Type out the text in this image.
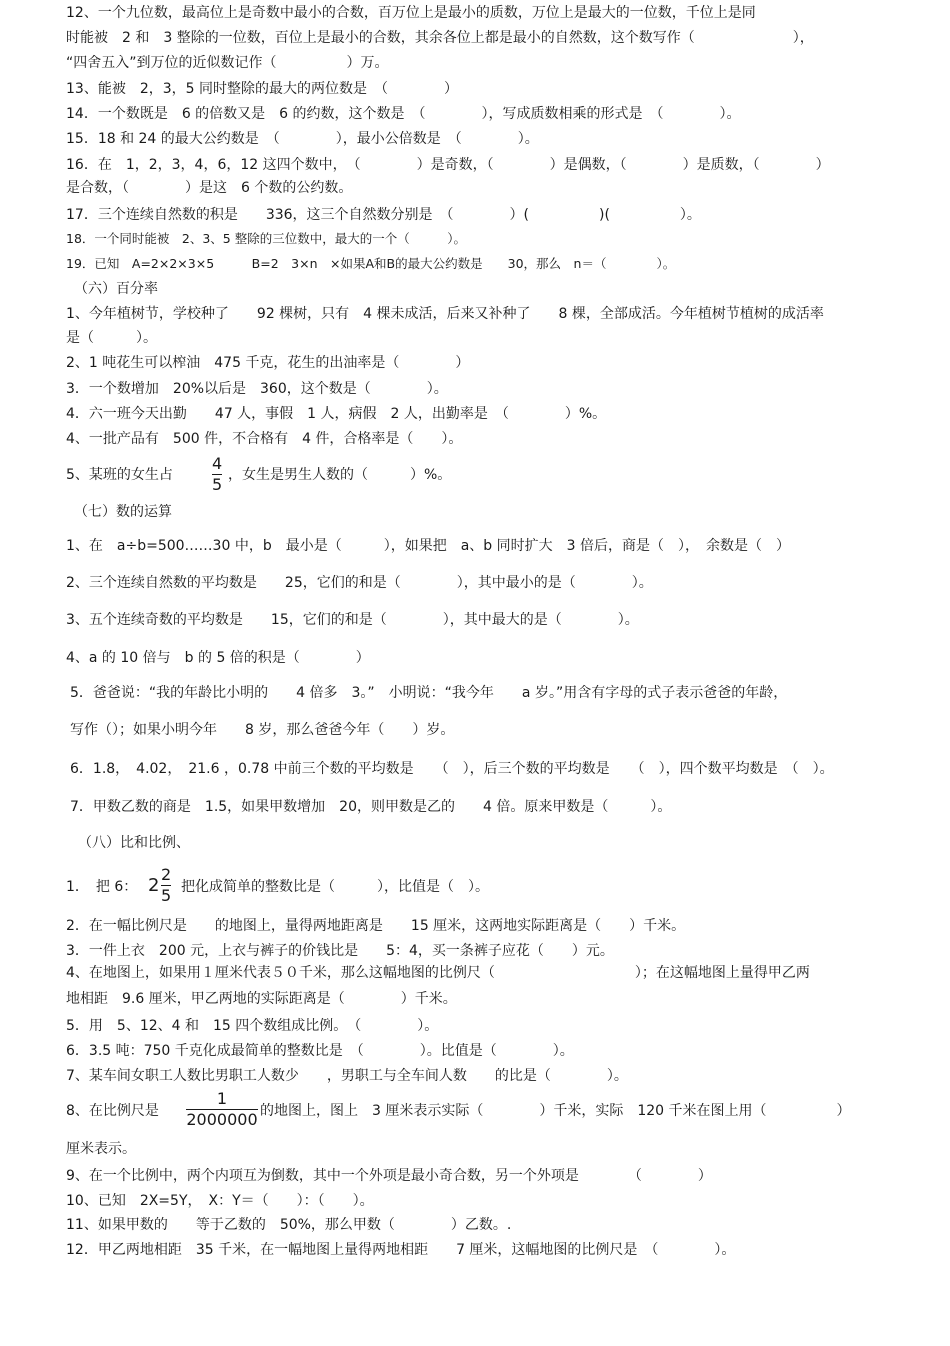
12、一个九位数，最高位上是奇数中最小的合数，百万位上是最小的质数，万位上是最大的一位数，千位上是同
时能被　2 和　3 整除的一位数，百位上是最小的合数，其余各位上都是最小的自然数，这个数写作（　　　　　　　），
“四舍五入”到万位的近似数记作（　　　　　）万。
13、能被　2，3，5 同时整除的最大的两位数是　（　　　　）
14．一个数既是　6 的倍数又是　6 的约数，这个数是　（　　　　），写成质数相乘的形式是　（　　　　）。
15．18 和 24 的最大公约数是　（　　　　），最小公倍数是　（　　　　）。
16．在　1，2，3，4，6，12 这四个数中，　（　　　　）是奇数，（　　　　）是偶数，（　　　　）是质数，（　　　　）
是合数，（　　　　）是这　6 个数的公约数。
17．三个连续自然数的积是　　336，这三个自然数分别是　（　　　　）(　　　　　)(　　　　　）。
18．一个同时能被　2、3、5 整除的三位数中，最大的一个（　　　）。
19．已知　A=2×2×3×5　　　B=2　3×n　×如果A和B的最大公约数是　　30，那么　n＝（　　　　）。
（六）百分率
1、今年植树节，学校种了　　92 棵树，只有　4 棵未成活，后来又补种了　　8 棵，全部成活。今年植树节植树的成活率
是（　　　）。
2、1 吨花生可以榨油　475 千克，花生的出油率是（　　　　）
3．一个数增加　20%以后是　360，这个数是（　　　　）。
4．六一班今天出勤　　47 人，事假　1 人，病假　2 人，出勤率是　（　　　　）%。
4、一批产品有　500 件，不合格有　4 件，合格率是（　　）。
5、某班的女生占
4
5 ，女生是男生人数的（　　　）%。
（七）数的运算
1、在　a÷b=500……30 中，b　最小是（　　　），如果把　a、b 同时扩大　3 倍后，商是（　），　余数是（　）
2、三个连续自然数的平均数是　　25，它们的和是（　　　　），其中最小的是（　　　　）。
3、五个连续奇数的平均数是　　15，它们的和是（　　　　），其中最大的是（　　　　）。
4、a 的 10 倍与　b 的 5 倍的积是（　　　　）
5．爸爸说：“我的年龄比小明的　　4 倍多　3。”　小明说：“我今年　　a 岁。”用含有字母的式子表示爸爸的年龄，
写作（）；如果小明今年　　8 岁，那么爸爸今年（　　）岁。
6．1.8，　4.02，　21.6 ，0.78 中前三个数的平均数是　　（　），后三个数的平均数是　　（　），四个数平均数是　（　）。
7．甲数乙数的商是　1.5，如果甲数增加　20，则甲数是乙的　　4 倍。原来甲数是（　　　）。
（八）比和比例、
1．　把 6： 2
2
5 把化成简单的整数比是（　　　），比值是（　）。
2．在一幅比例尺是　　的地图上，量得两地距离是　　15 厘米，这两地实际距离是（　　）千米。
3．一件上衣　200 元，上衣与裤子的价钱比是　　5：4，买一条裤子应花（　　）元。
4、在地图上，如果用１厘米代表５０千米，那么这幅地图的比例尺（　　　　　　　　　　）；在这幅地图上量得甲乙两
地相距　9.6 厘米，甲乙两地的实际距离是（　　　　）千米。
5．用　5、12、4 和　15 四个数组成比例。　（　　　　）。
6．3.5 吨：750 千克化成最简单的整数比是　（　　　　）。比值是（　　　　）。
7、某车间女职工人数比男职工人数少　　，男职工与全车间人数　　的比是（　　　　）。
8、在比例尺是
1
2000000 的地图上，图上　3 厘米表示实际（　　　　）千米，实际　120 千米在图上用（　　　　　）
厘米表示。
9、在一个比例中，两个内项互为倒数，其中一个外项是最小奇合数，另一个外项是　　　　（　　　　）
10、已知　2X=5Y，　X：Y＝（　　）：（　　）。
11、如果甲数的　　等于乙数的　50%，那么甲数（　　　　）乙数。.
12．甲乙两地相距　35 千米，在一幅地图上量得两地相距　　7 厘米，这幅地图的比例尺是　（　　　　）。
